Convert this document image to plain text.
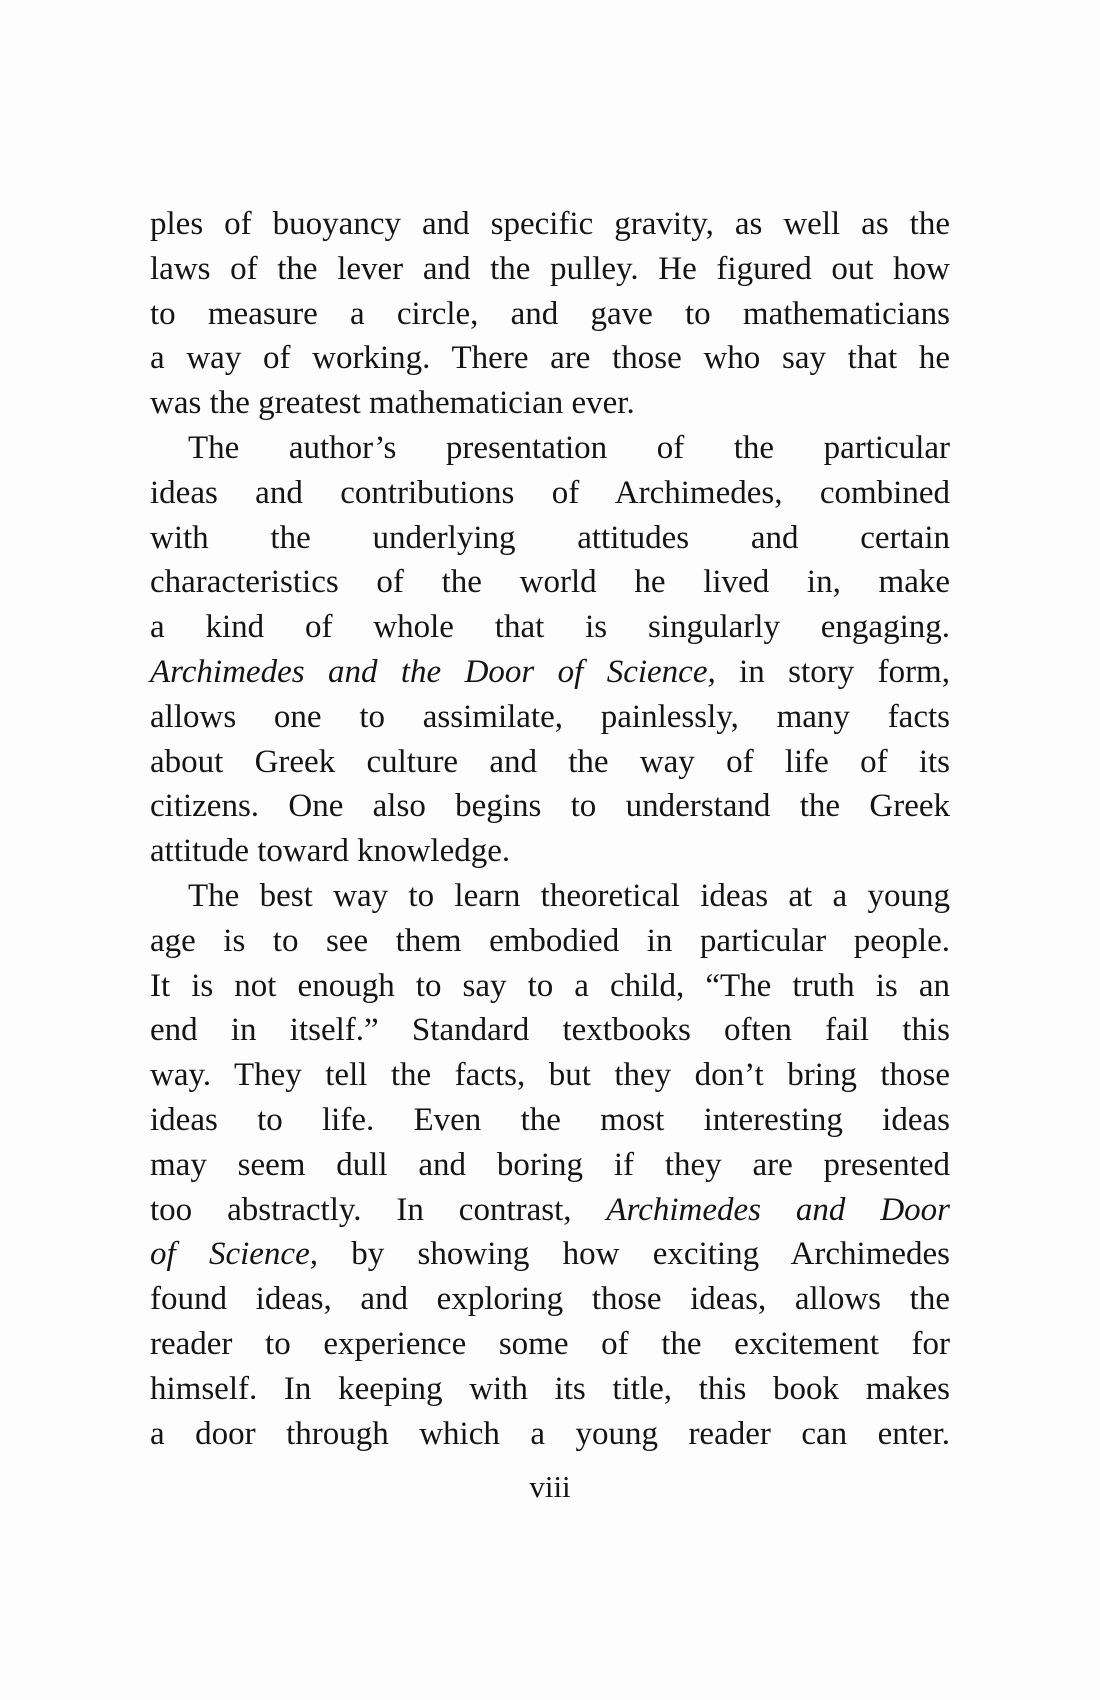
ples of buoyancy and specific gravity, as well as the
laws of the lever and the pulley. He figured out how
to measure a circle, and gave to mathematicians
a way of working. There are those who say that he
was the greatest mathematician ever.
The author’s presentation of the particular
ideas and contributions of Archimedes, combined
with the underlying attitudes and certain
characteristics of the world he lived in, make
a kind of whole that is singularly engaging.
Archimedes and the Door of Science, in story form,
allows one to assimilate, painlessly, many facts
about Greek culture and the way of life of its
citizens. One also begins to understand the Greek
attitude toward knowledge.
The best way to learn theoretical ideas at a young
age is to see them embodied in particular people.
It is not enough to say to a child, “The truth is an
end in itself.” Standard textbooks often fail this
way. They tell the facts, but they don’t bring those
ideas to life. Even the most interesting ideas
may seem dull and boring if they are presented
too abstractly. In contrast, Archimedes and Door
of Science, by showing how exciting Archimedes
found ideas, and exploring those ideas, allows the
reader to experience some of the excitement for
himself. In keeping with its title, this book makes
a door through which a young reader can enter.
viii
